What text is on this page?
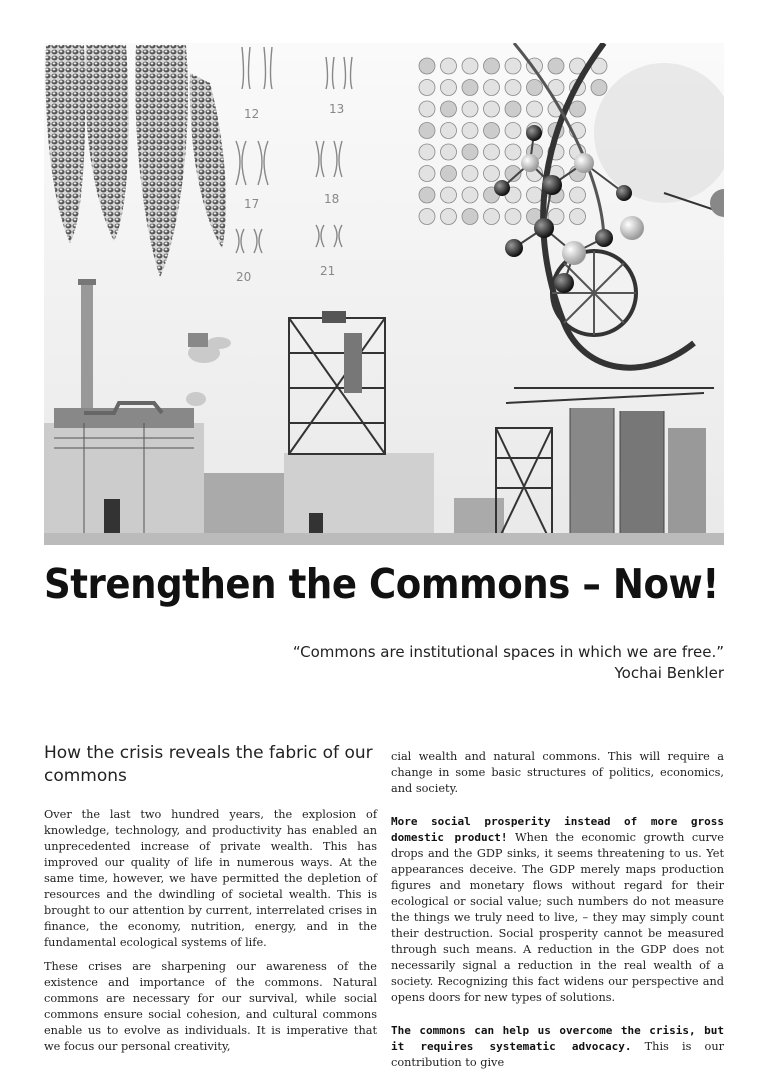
12	13
17	18
20	21
Strengthen the Commons – Now!
“Commons are institutional spaces in which we are free.”
Yochai Benkler
How the crisis reveals the fabric of our commons

Over the last two hundred years, the explosion of knowledge, technology, and productivity has enabled an unprecedented increase of private wealth. This has improved our quality of life in numerous ways. At the same time, however, we have permitted the depletion of resources and the dwindling of societal wealth. This is brought to our attention by current, interrelated crises in finance, the economy, nutrition, energy, and in the fundamental ecological systems of life.

These crises are sharpening our awareness of the existence and importance of the commons. Natural commons are necessary for our survival, while social commons ensure social cohesion, and cultural commons enable us to evolve as individuals. It is imperative that we focus our personal creativity,

cial wealth and natural commons. This will require a change in some basic structures of politics, economics, and society.

More social prosperity instead of more gross domestic product! When the economic growth curve drops and the GDP sinks, it seems threatening to us. Yet appearances deceive. The GDP merely maps production figures and monetary flows without regard for their ecological or social value; such numbers do not measure the things we truly need to live, – they may simply count their destruction. Social prosperity cannot be measured through such means. A reduction in the GDP does not necessarily signal a reduction in the real wealth of a society. Recognizing this fact widens our perspective and opens doors for new types of solutions.

The commons can help us overcome the crisis, but it requires systematic advocacy. This is our contribution to give
